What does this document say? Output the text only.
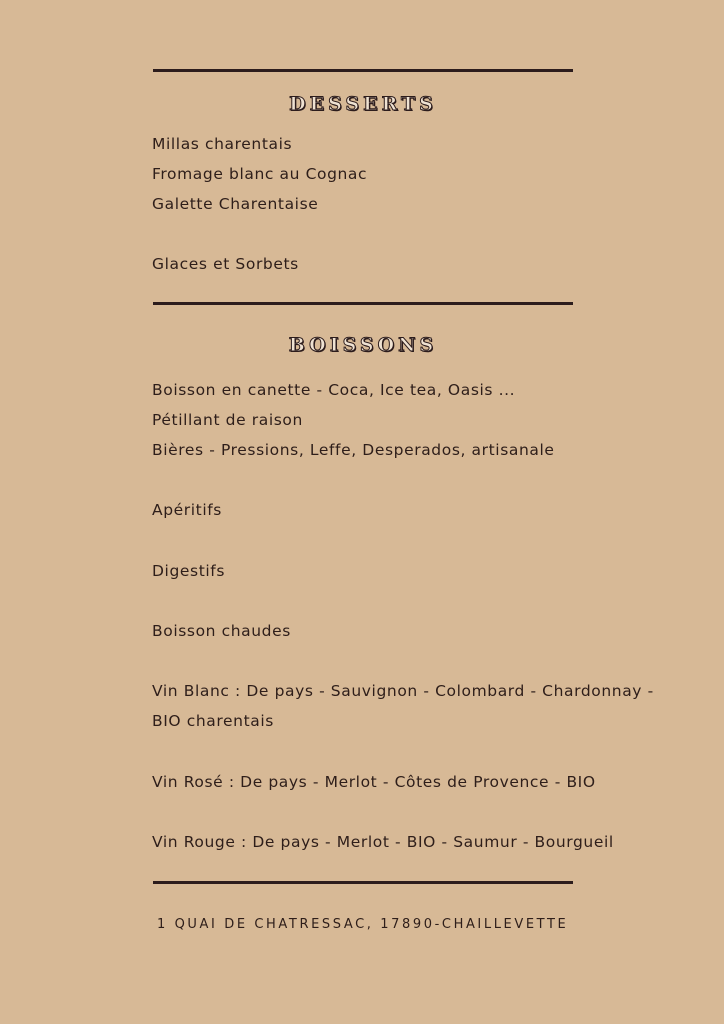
DESSERTS

Millas charentais

Fromage blanc au Cognac

Galette Charentaise

Glaces et Sorbets

BOISSONS

Boisson en canette - Coca, Ice tea, Oasis ...

Pétillant de raison

Bières - Pressions, Leffe, Desperados, artisanale

Apéritifs

Digestifs

Boisson chaudes

Vin Blanc : De pays - Sauvignon - Colombard - Chardonnay -

BIO charentais

Vin Rosé : De pays - Merlot - Côtes de Provence - BIO

Vin Rouge : De pays - Merlot - BIO - Saumur - Bourgueil

1 QUAI DE CHATRESSAC, 17890-CHAILLEVETTE
